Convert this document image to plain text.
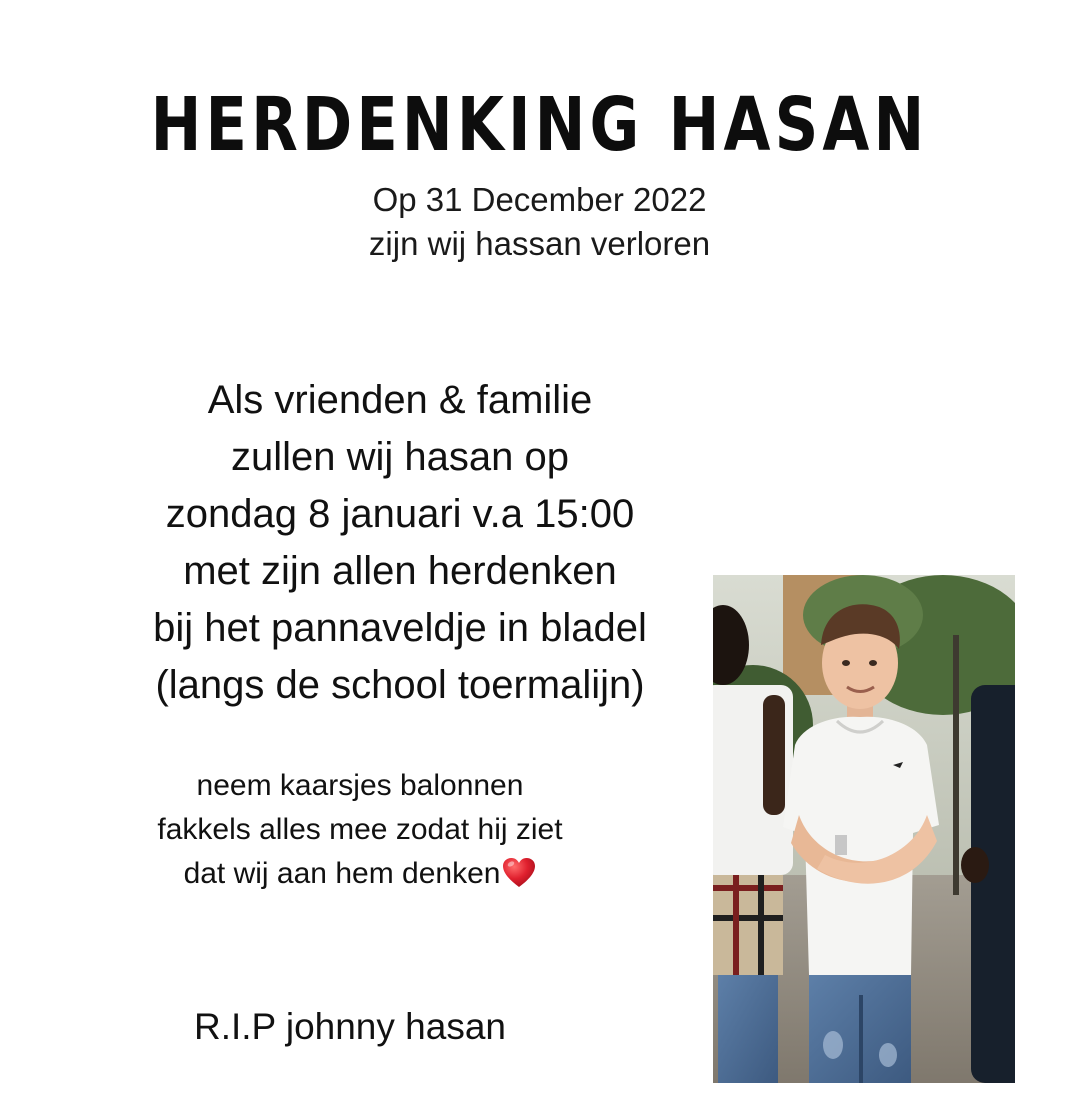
HERDENKING HASAN
Op 31 December 2022
zijn wij hassan verloren
Als vrienden & familie
zullen wij hasan op
zondag 8 januari v.a 15:00
met zijn allen herdenken
bij het pannaveldje in bladel
(langs de school toermalijn)
neem kaarsjes balonnen
fakkels alles mee zodat hij ziet
dat wij aan hem denken
R.I.P johnny hasan
